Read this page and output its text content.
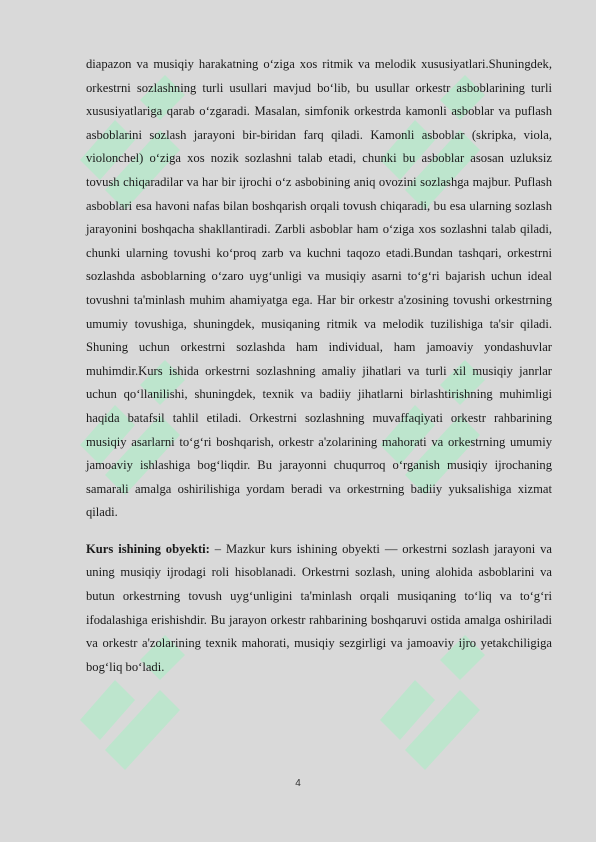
diapazon va musiqiy harakatning o‘ziga xos ritmik va melodik xususiyatlari.Shuningdek, orkestrni sozlashning turli usullari mavjud bo‘lib, bu usullar orkestr asboblarining turli xususiyatlariga qarab o‘zgaradi. Masalan, simfonik orkestrda kamonli asboblar va puflash asboblarini sozlash jarayoni bir-biridan farq qiladi. Kamonli asboblar (skripka, viola, violonchel) o‘ziga xos nozik sozlashni talab etadi, chunki bu asboblar asosan uzluksiz tovush chiqaradilar va har bir ijrochi o‘z asbobining aniq ovozini sozlashga majbur. Puflash asboblari esa havoni nafas bilan boshqarish orqali tovush chiqaradi, bu esa ularning sozlash jarayonini boshqacha shakllantiradi. Zarbli asboblar ham o‘ziga xos sozlashni talab qiladi, chunki ularning tovushi ko‘proq zarb va kuchni taqozo etadi.Bundan tashqari, orkestrni sozlashda asboblarning o‘zaro uyg‘unligi va musiqiy asarni to‘g‘ri bajarish uchun ideal tovushni ta'minlash muhim ahamiyatga ega. Har bir orkestr a'zosining tovushi orkestrning umumiy tovushiga, shuningdek, musiqaning ritmik va melodik tuzilishiga ta'sir qiladi. Shuning uchun orkestrni sozlashda ham individual, ham jamoaviy yondashuvlar muhimdir.Kurs ishida orkestrni sozlashning amaliy jihatlari va turli xil musiqiy janrlar uchun qo‘llanilishi, shuningdek, texnik va badiiy jihatlarni birlashtirishning muhimligi haqida batafsil tahlil etiladi. Orkestrni sozlashning muvaffaqiyati orkestr rahbarining musiqiy asarlarni to‘g‘ri boshqarish, orkestr a'zolarining mahorati va orkestrning umumiy jamoaviy ishlashiga bog‘liqdir. Bu jarayonni chuqurroq o‘rganish musiqiy ijrochaning samarali amalga oshirilishiga yordam beradi va orkestrning badiiy yuksalishiga xizmat qiladi.

Kurs ishining obyekti: – Mazkur kurs ishining obyekti — orkestrni sozlash jarayoni va uning musiqiy ijrodagi roli hisoblanadi. Orkestrni sozlash, uning alohida asboblarini va butun orkestrning tovush uyg‘unligini ta'minlash orqali musiqaning to‘liq va to‘g‘ri ifodalashiga erishishdir. Bu jarayon orkestr rahbarining boshqaruvi ostida amalga oshiriladi va orkestr a'zolarining texnik mahorati, musiqiy sezgirligi va jamoaviy ijro yetakchiligiga bog‘liq bo‘ladi.

4
